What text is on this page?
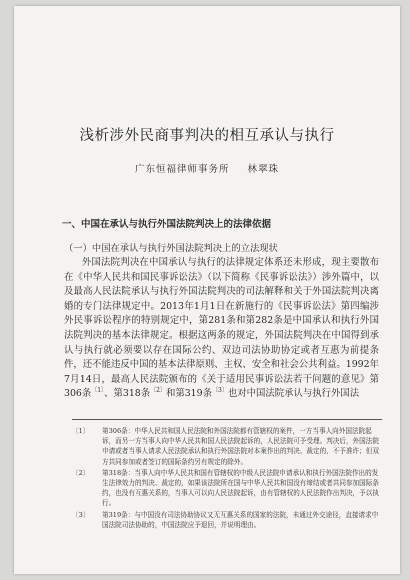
浅析涉外民商事判决的相互承认与执行
广东恒福律师事务所 林翠珠
一、中国在承认与执行外国法院判决上的法律依据
（一）中国在承认与执行外国法院判决上的立法现状

外国法院判决在中国承认与执行的法律规定体系还未形成，现主要散布在《中华人民共和国民事诉讼法》（以下简称《民事诉讼法》）涉外篇中，以及最高人民法院承认与执行外国法院判决的司法解释和关于外国法院判决离婚的专门法律规定中。2013年1月1日在新施行的《民事诉讼法》第四编涉外民事诉讼程序的特别规定中，第281条和第282条是中国承认和执行外国法院判决的基本法律规定。根据这两条的规定，外国法院判决在中国得到承认与执行就必须要以存在国际公约、双边司法协助协定或者互惠为前提条件，还不能违反中国的基本法律原则、主权、安全和社会公共利益。1992年7月14日，最高人民法院颁布的《关于适用民事诉讼法若干问题的意见》第306条$^{〔1〕}$、第318条$^{〔2〕}$和第319条$^{〔3〕}$也对中国法院承认与执行外国法

〔1〕 第306条：中华人民共和国人民法院和外国法院都有管辖权的案件，一方当事人向外国法院起诉，而另一方当事人向中华人民共和国人民法院起诉的，人民法院可予受理。判决后，外国法院申请或者当事人请求人民法院承认和执行外国法院对本案作出的判决、裁定的，不予准许；但双方共同参加或者签订的国际条约另有规定的除外。
〔2〕 第318条：当事人向中华人民共和国有管辖权的中级人民法院申请承认和执行外国法院作出的发生法律效力的判决、裁定的，如果该法院所在国与中华人民共和国没有缔结或者共同参加国际条约，也没有互惠关系的，当事人可以向人民法院起诉，由有管辖权的人民法院作出判决，予以执行。
〔3〕 第319条：与中国没有司法协助协议又无互惠关系的国家的法院，未通过外交途径，直接请求中国法院司法协助的，中国法院应予退回，并说明理由。
